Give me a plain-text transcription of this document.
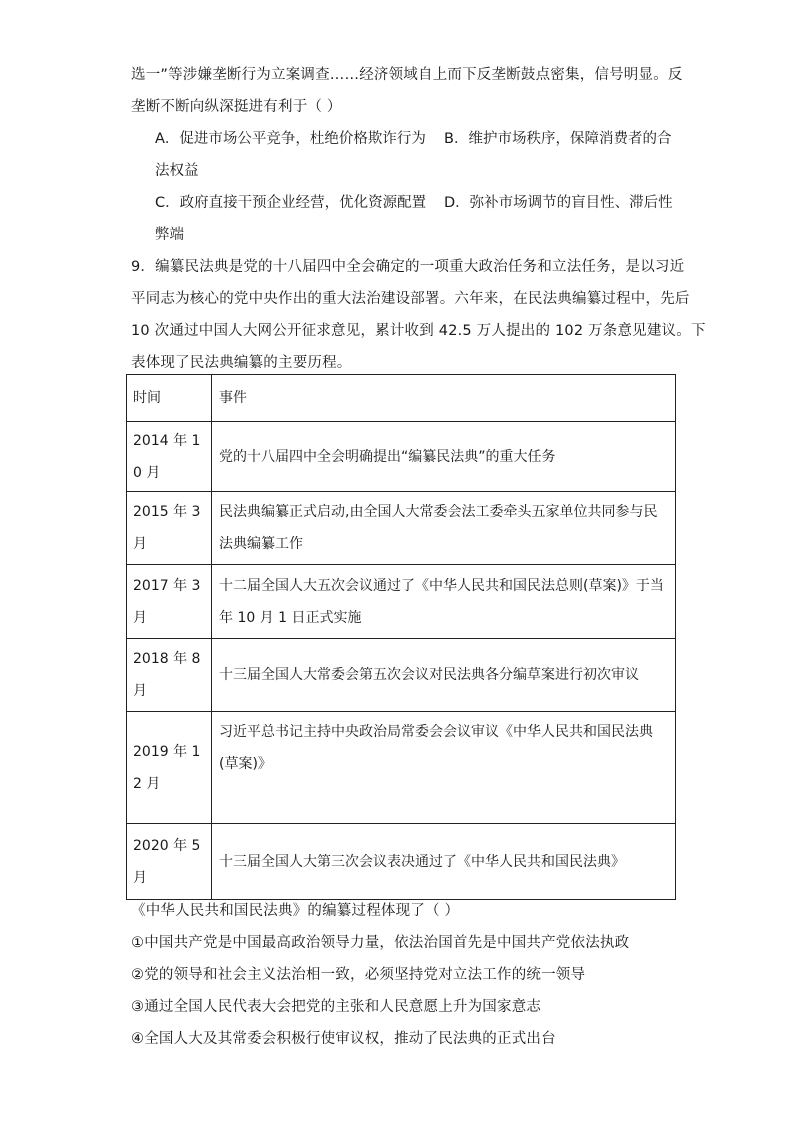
选一”等涉嫌垄断行为立案调查……经济领域自上而下反垄断鼓点密集，信号明显。反
垄断不断向纵深挺进有利于（ ）
A．促进市场公平竞争，杜绝价格欺诈行为 B．维护市场秩序，保障消费者的合
法权益
C．政府直接干预企业经营，优化资源配置 D．弥补市场调节的盲目性、滞后性
弊端
9．编纂民法典是党的十八届四中全会确定的一项重大政治任务和立法任务，是以习近
平同志为核心的党中央作出的重大法治建设部署。六年来，在民法典编纂过程中，先后
10 次通过中国人大网公开征求意见，累计收到 42.5 万人提出的 102 万条意见建议。下
表体现了民法典编纂的主要历程。
时间	事件
2014 年 10 月	党的十八届四中全会明确提出“编纂民法典”的重大任务
2015 年 3 月	民法典编纂正式启动,由全国人大常委会法工委牵头五家单位共同参与民法典编纂工作
2017 年 3 月	十二届全国人大五次会议通过了《中华人民共和国民法总则(草案)》于当年 10 月 1 日正式实施
2018 年 8 月	十三届全国人大常委会第五次会议对民法典各分编草案进行初次审议
2019 年 12 月	习近平总书记主持中央政治局常委会会议审议《中华人民共和国民法典(草案)》
2020 年 5 月	十三届全国人大第三次会议表决通过了《中华人民共和国民法典》
《中华人民共和国民法典》的编纂过程体现了（ ）
①中国共产党是中国最高政治领导力量，依法治国首先是中国共产党依法执政
②党的领导和社会主义法治相一致，必须坚持党对立法工作的统一领导
③通过全国人民代表大会把党的主张和人民意愿上升为国家意志
④全国人大及其常委会积极行使审议权，推动了民法典的正式出台
